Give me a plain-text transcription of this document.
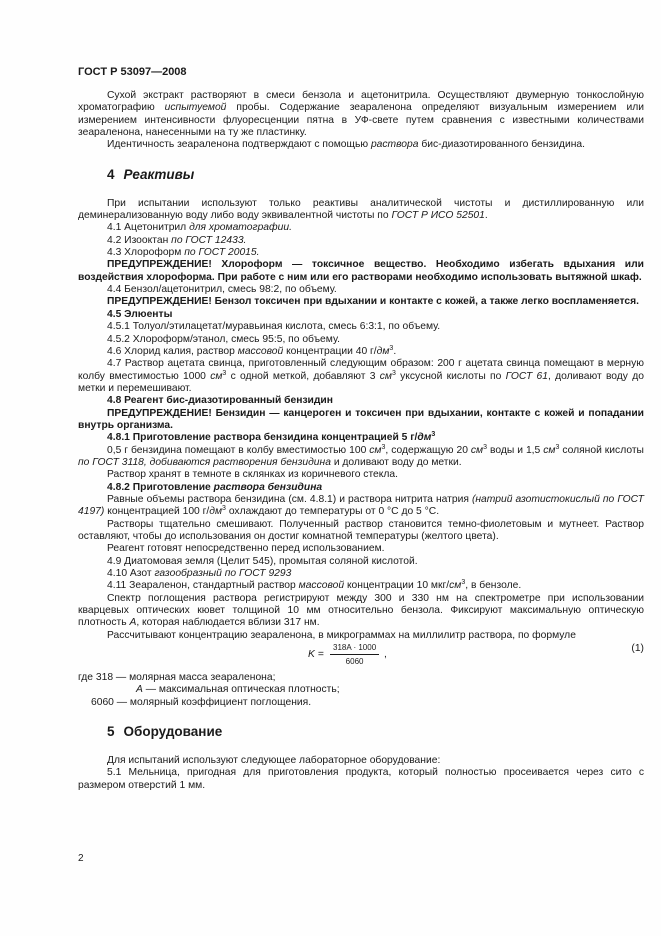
ГОСТ Р 53097—2008

Сухой экстракт растворяют в смеси бензола и ацетонитрила. Осуществляют двумерную тонкослойную хроматографию испытуемой пробы. Содержание зеараленона определяют визуальным измерением или измерением интенсивности флуоресценции пятна в УФ-свете путем сравнения с известными количествами зеараленона, нанесенными на ту же пластинку.

Идентичность зеараленона подтверждают с помощью раствора бис-диазотированного бензидина.

4 Реактивы

При испытании используют только реактивы аналитической чистоты и дистиллированную или деминерализованную воду либо воду эквивалентной чистоты по ГОСТ Р ИСО 52501.

4.1 Ацетонитрил для хроматографии.

4.2 Изооктан по ГОСТ 12433.

4.3 Хлороформ по ГОСТ 20015.

ПРЕДУПРЕЖДЕНИЕ! Хлороформ — токсичное вещество. Необходимо избегать вдыхания или воздействия хлороформа. При работе с ним или его растворами необходимо использовать вытяжной шкаф.

4.4 Бензол/ацетонитрил, смесь 98:2, по объему.

ПРЕДУПРЕЖДЕНИЕ! Бензол токсичен при вдыхании и контакте с кожей, а также легко воспламеняется.

4.5 Элюенты

4.5.1 Толуол/этилацетат/муравьиная кислота, смесь 6:3:1, по объему.

4.5.2 Хлороформ/этанол, смесь 95:5, по объему.

4.6 Хлорид калия, раствор массовой концентрации 40 $г/дм^3$.

4.7 Раствор ацетата свинца, приготовленный следующим образом: 200 г ацетата свинца помещают в мерную колбу вместимостью 1000 $см^3$ с одной меткой, добавляют 3 $см^3$ уксусной кислоты по ГОСТ 61, доливают воду до метки и перемешивают.

4.8 Реагент бис-диазотированный бензидин

ПРЕДУПРЕЖДЕНИЕ! Бензидин — канцероген и токсичен при вдыхании, контакте с кожей и попадании внутрь организма.

4.8.1 Приготовление раствора бензидина концентрацией 5 $г/дм^3$

0,5 г бензидина помещают в колбу вместимостью 100 $см^3$, содержащую 20 $см^3$ воды и 1,5 $см^3$ соляной кислоты по ГОСТ 3118, добиваются растворения бензидина и доливают воду до метки.

Раствор хранят в темноте в склянках из коричневого стекла.

4.8.2 Приготовление раствора бензидина

Равные объемы раствора бензидина (см. 4.8.1) и раствора нитрита натрия (натрий азотистокислый по ГОСТ 4197) концентрацией 100 $г/дм^3$ охлаждают до температуры от 0 °С до 5 °С.

Растворы тщательно смешивают. Полученный раствор становится темно-фиолетовым и мутнеет. Раствор оставляют, чтобы до использования он достиг комнатной температуры (желтого цвета).

Реагент готовят непосредственно перед использованием.

4.9 Диатомовая земля (Целит 545), промытая соляной кислотой.

4.10 Азот газообразный по ГОСТ 9293

4.11 Зеараленон, стандартный раствор массовой концентрации 10 мкг/$см^3$, в бензоле.

Спектр поглощения раствора регистрируют между 300 и 330 нм на спектрометре при использовании кварцевых оптических кювет толщиной 10 мм относительно бензола. Фиксируют максимальную оптическую плотность А, которая наблюдается вблизи 317 нм.

Рассчитывают концентрацию зеараленона, в микрограммах на миллилитр раствора, по формуле

$K = \frac{318A \cdot 1000}{6060}$ ,
(1)

где 318 — молярная масса зеараленона;

А — максимальная оптическая плотность;

6060 — молярный коэффициент поглощения.

5 Оборудование

Для испытаний используют следующее лабораторное оборудование:

5.1 Мельница, пригодная для приготовления продукта, который полностью просеивается через сито с размером отверстий 1 мм.

2
